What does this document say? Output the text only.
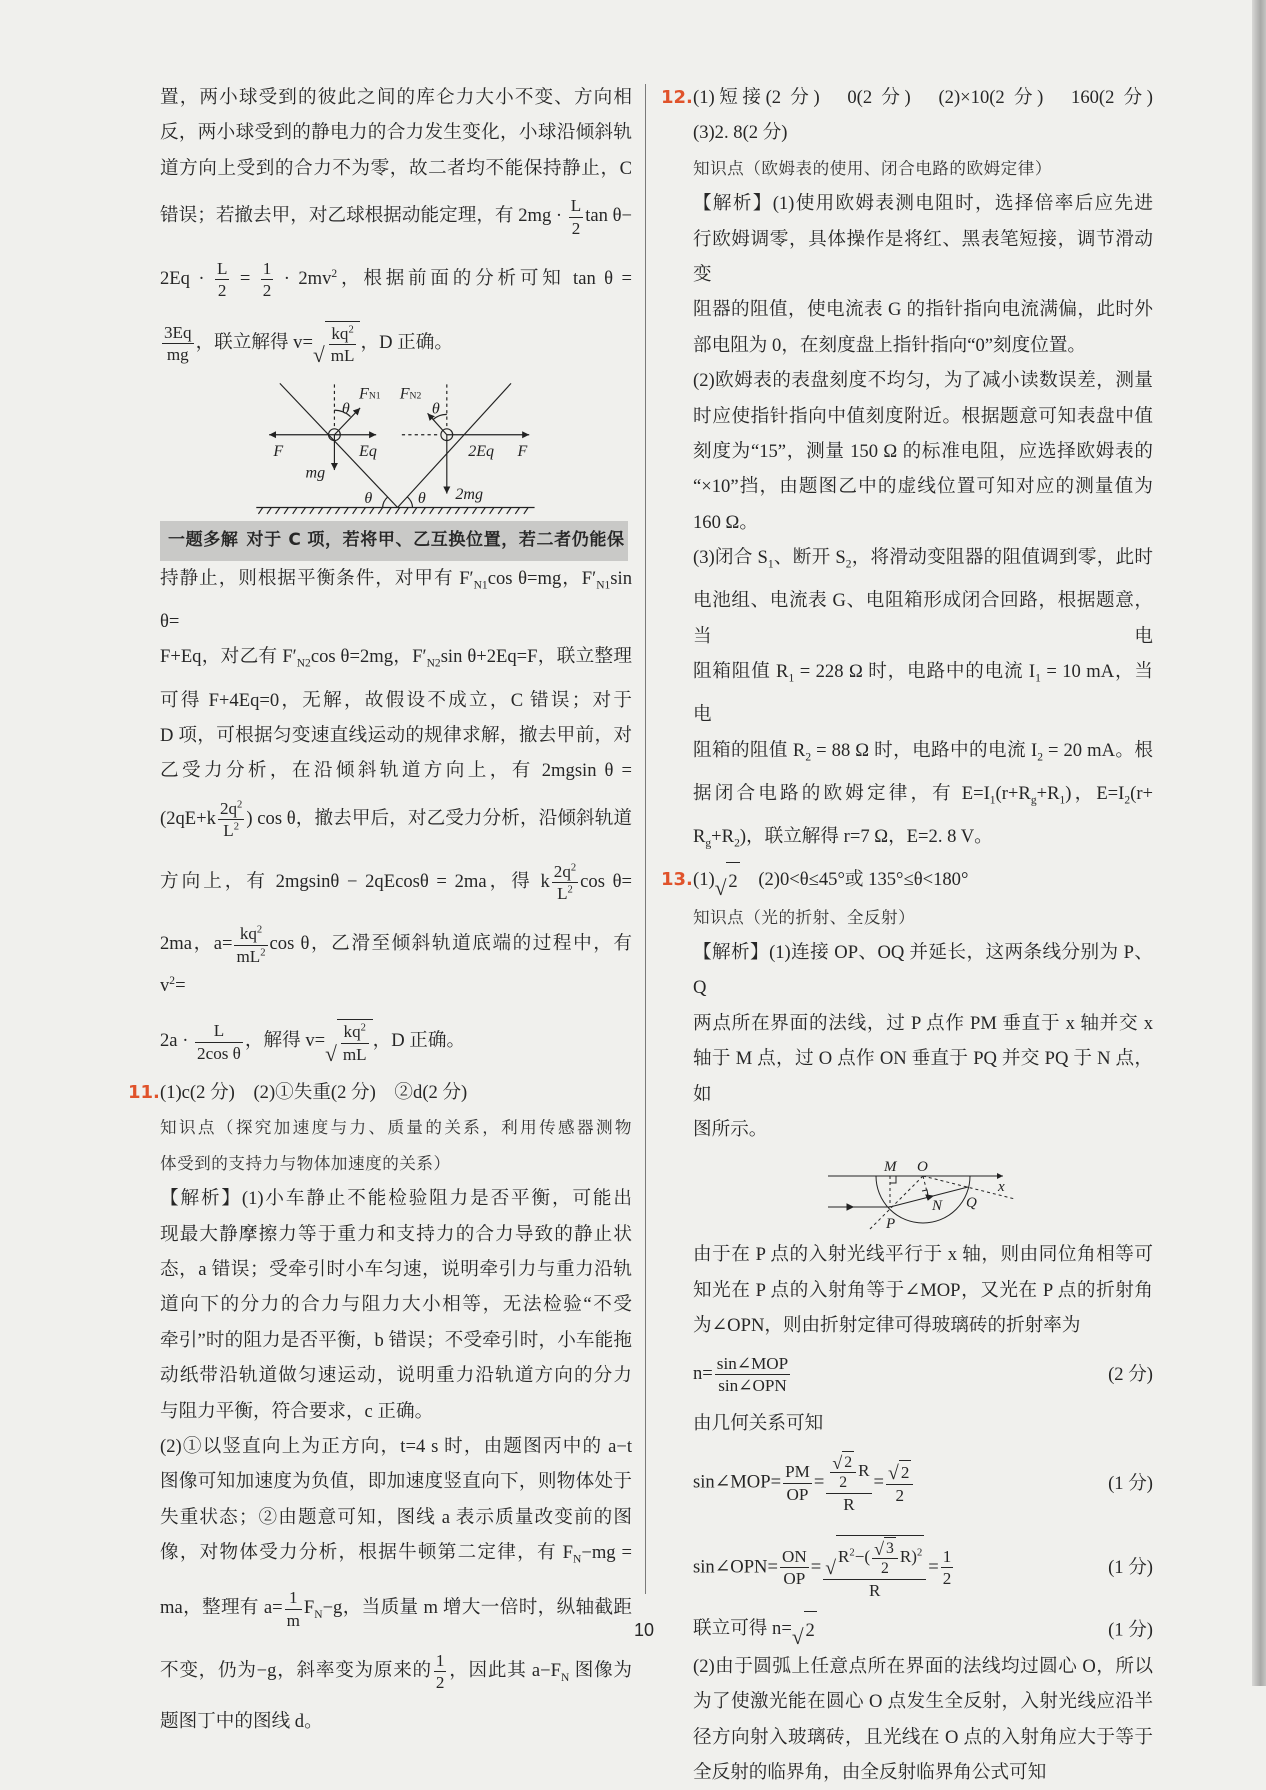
置，两小球受到的彼此之间的库仑力大小不变、方向相
反，两小球受到的静电力的合力发生变化，小球沿倾斜轨
道方向上受到的合力不为零，故二者均不能保持静止，C
错误；若撤去甲，对乙球根据动能定理，有 $2mg \cdot \frac{L}{2}$ tan θ−
$2Eq \cdot \frac{L}{2} = \frac{1}{2} \cdot 2mv^2$，根据前面的分析可知 tan θ =
$\frac{3Eq}{mg}$ ，联立解得 v= √ $\frac{kq^2}{mL}$ ，D 正确。
θ
FN1 FN2
θ
F	Eq
mg
2Eq F
2mg
θ	θ
一题多解 对于 C 项，若将甲、乙互换位置，若二者仍能保
持静止，则根据平衡条件，对甲有 $F'_{N1}\cos$ θ=mg，$F'_{N1}\sin$ θ=
F+Eq，对乙有 $F'_{N2}\cos$ θ=2mg，$F'_{N2}\sin$ θ+2Eq=F，联立整理
可得 F+4Eq=0，无解，故假设不成立，C 错误；对于
D 项，可根据匀变速直线运动的规律求解，撤去甲前，对
乙受力分析，在沿倾斜轨道方向上，有 2mgsin θ =
($2qE+k \frac{2q^2}{L^2}$ ) cos θ，撤去甲后，对乙受力分析，沿倾斜轨道
方向上，有 2mgsinθ − 2qEcosθ = 2ma，得 k $\frac{2q^2}{L^2}$ cos θ=
2ma，$a= \frac{kq^2}{mL^2}$ cos θ，乙滑至倾斜轨道底端的过程中，有 $v^2=$
$2a \cdot \frac{L}{\text{2cos θ}}$ ，解得 v= √ $\frac{kq^2}{mL}$ ，D 正确。
11. (1)c(2 分)　(2)①失重(2 分)　②d(2 分)
知识点（探究加速度与力、质量的关系，利用传感器测物
体受到的支持力与物体加速度的关系）
【解析】(1)小车静止不能检验阻力是否平衡，可能出
现最大静摩擦力等于重力和支持力的合力导致的静止状
态，a 错误；受牵引时小车匀速，说明牵引力与重力沿轨
道向下的分力的合力与阻力大小相等，无法检验“不受
牵引”时的阻力是否平衡，b 错误；不受牵引时，小车能拖
动纸带沿轨道做匀速运动，说明重力沿轨道方向的分力
与阻力平衡，符合要求，c 正确。
(2)①以竖直向上为正方向，t=4 s 时，由题图丙中的 a−t
图像可知加速度为负值，即加速度竖直向下，则物体处于
失重状态；②由题意可知，图线 a 表示质量改变前的图
像，对物体受力分析，根据牛顿第二定律，有 $F_N-mg$ =
ma，整理有 $a= \frac{1}{m} F_N-g$，当质量 m 增大一倍时，纵轴截距
不变，仍为−g，斜率变为原来的 $\frac{1}{2}$ ，因此其 $a-F_N$ 图像为
题图丁中的图线 d。
12. (1)短接(2 分)　0(2 分)　(2)×10(2 分)　160(2 分)
(3)2. 8(2 分)
知识点（欧姆表的使用、闭合电路的欧姆定律）
【解析】(1)使用欧姆表测电阻时，选择倍率后应先进
行欧姆调零，具体操作是将红、黑表笔短接，调节滑动变
阻器的阻值，使电流表 G 的指针指向电流满偏，此时外
部电阻为 0，在刻度盘上指针指向“0”刻度位置。
(2)欧姆表的表盘刻度不均匀，为了减小读数误差，测量
时应使指针指向中值刻度附近。根据题意可知表盘中值
刻度为“15”，测量 150 Ω 的标准电阻，应选择欧姆表的
“×10”挡，由题图乙中的虚线位置可知对应的测量值为
160 Ω。
(3)闭合 $S_1$、断开 $S_2$，将滑动变阻器的阻值调到零，此时
电池组、电流表 G、电阻箱形成闭合回路，根据题意，当电
阻箱阻值 $R_1 = 228$ Ω 时，电路中的电流 $I_1 = 10$ mA，当电
阻箱的阻值 $R_2 = 88$ Ω 时，电路中的电流 $I_2 = 20$ mA。根
据闭合电路的欧姆定律，有 $E=I_1(r+R_g+R_1)$，$E=I_2(r+$
$R_g+R_2$)，联立解得 r=7 Ω，E=2. 8 V。
13. (1) √ 2 　(2)0<θ≤45°或 135°≤θ<180°
知识点（光的折射、全反射）
【解析】(1)连接 OP、OQ 并延长，这两条线分别为 P、Q
两点所在界面的法线，过 P 点作 PM 垂直于 x 轴并交 x
轴于 M 点，过 O 点作 ON 垂直于 PQ 并交 PQ 于 N 点，如
图所示。
M O
x
N Q
P
由于在 P 点的入射光线平行于 x 轴，则由同位角相等可
知光在 P 点的入射角等于∠MOP，又光在 P 点的折射角
为∠OPN，则由折射定律可得玻璃砖的折射率为
$n= \frac{\text{sin∠MOP}}{\text{sin∠OPN}}$	(2 分)
由几何关系可知
sin∠MOP= $\frac{PM}{OP}$ = √ $\frac{\frac{2}{2} R}{R}$ = √ $\frac{2}{2}$	(1 分)
sin∠OPN= $\frac{ON}{OP}$ = √ $\frac{R^2-( √ \frac{3}{2} R)^2}{R} = \frac{1}{2}$	(1 分)
联立可得 n= √ 2	(1 分)
(2)由于圆弧上任意点所在界面的法线均过圆心 O，所以
为了使激光能在圆心 O 点发生全反射，入射光线应沿半
径方向射入玻璃砖，且光线在 O 点的入射角应大于等于
全反射的临界角，由全反射临界角公式可知
10
